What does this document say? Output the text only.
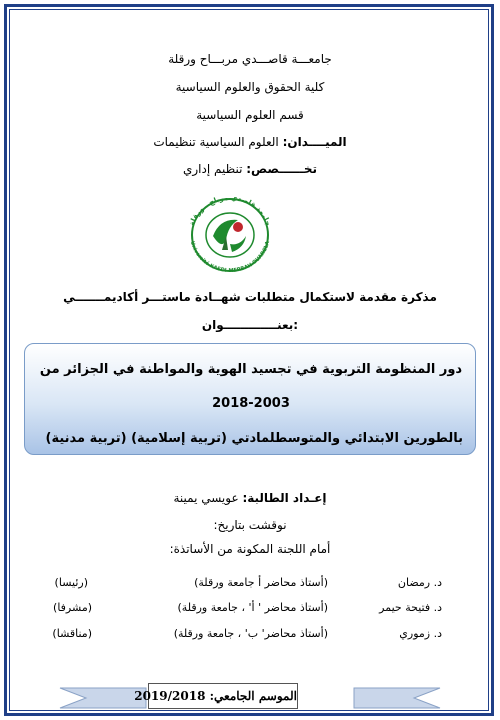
جامعـــة قاصـــدي مربـــاح ورقلة
كلية الحقوق والعلوم السياسية
قسم العلوم السياسية
الميــــدان: العلوم السياسية تنظيمات
تخــــــصص: تنظيم إداري
جامعة قاصدي مرباح . ورقلة
Université KASDI-MERBAH OUARGLA
مذكرة مقدمة لاستكمال متطلبات شهــادة ماستـــر أكاديمـــــــي
:بعنـــــــــــــوان
دور المنظومة التربوية في تجسيد الهوية والمواطنة في الجزائر من
2018-2003
بالطورين الابتدائي والمتوسطلمادتي (تربية إسلامية) (تربية مدنية)
إعـداد الطالبة: عويسي يمينة
نوقشت بتاريخ:
أمام اللجنة المكونة من الأساتذة:
د. رمضان
(أستاذ محاضر أ جامعة ورقلة)
(رئيسا)
د. فتيحة حيمر
(أستاذ محاضر ' أ' ، جامعة ورقلة)
(مشرفا)
د. زموري
(أستاذ محاضر' ب' ، جامعة ورقلة)
(مناقشا)
الموسم الجامعي: 2019/2018
